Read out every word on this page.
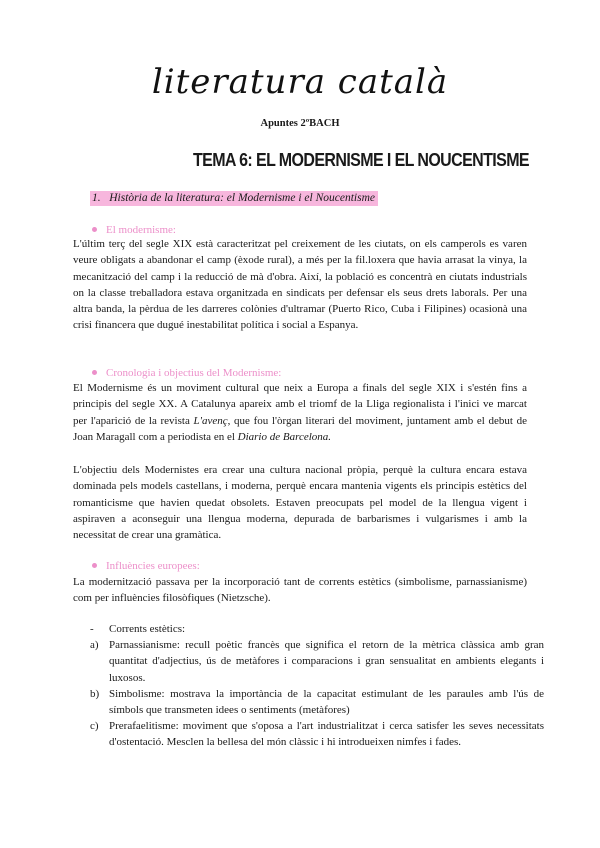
literatura català
Apuntes 2ºBACH
TEMA 6: EL MODERNISME I EL NOUCENTISME
1. Història de la literatura: el Modernisme i el Noucentisme
El modernisme:
L'últim terç del segle XIX està caracteritzat pel creixement de les ciutats, on els camperols es varen veure obligats a abandonar el camp (èxode rural), a més per la fil.loxera que havia arrasat la vinya, la mecanització del camp i la reducció de mà d'obra. Així, la població es concentrà en ciutats industrials on la classe treballadora estava organitzada en sindicats per defensar els seus drets laborals. Per una altra banda, la pèrdua de les darreres colònies d'ultramar (Puerto Rico, Cuba i Filipines) ocasionà una crisi financera que dugué inestabilitat política i social a Espanya.
Cronologia i objectius del Modernisme:
El Modernisme és un moviment cultural que neix a Europa a finals del segle XIX i s'estén fins a principis del segle XX. A Catalunya apareix amb el triomf de la Lliga regionalista i l'inici ve marcat per l'aparició de la revista L'avenç, que fou l'òrgan literari del moviment, juntament amb el debut de Joan Maragall com a periodista en el Diario de Barcelona.
L'objectiu dels Modernistes era crear una cultura nacional pròpia, perquè la cultura encara estava dominada pels models castellans, i moderna, perquè encara mantenia vigents els principis estètics del romanticisme que havien quedat obsolets. Estaven preocupats pel model de la llengua vigent i aspiraven a aconseguir una llengua moderna, depurada de barbarismes i vulgarismes i amb la necessitat de crear una gramàtica.
Influències europees:
La modernització passava per la incorporació tant de corrents estètics (simbolisme, parnassianisme) com per influències filosòfiques (Nietzsche).
- Corrents estètics:
a) Parnassianisme: recull poètic francès que significa el retorn de la mètrica clàssica amb gran quantitat d'adjectius, ús de metàfores i comparacions i gran sensualitat en ambients elegants i luxosos.
b) Simbolisme: mostrava la importància de la capacitat estimulant de les paraules amb l'ús de símbols que transmeten idees o sentiments (metàfores)
c) Prerafaelitisme: moviment que s'oposa a l'art industrialitzat i cerca satisfer les seves necessitats d'ostentació. Mesclen la bellesa del món clàssic i hi introdueixen nimfes i fades.
